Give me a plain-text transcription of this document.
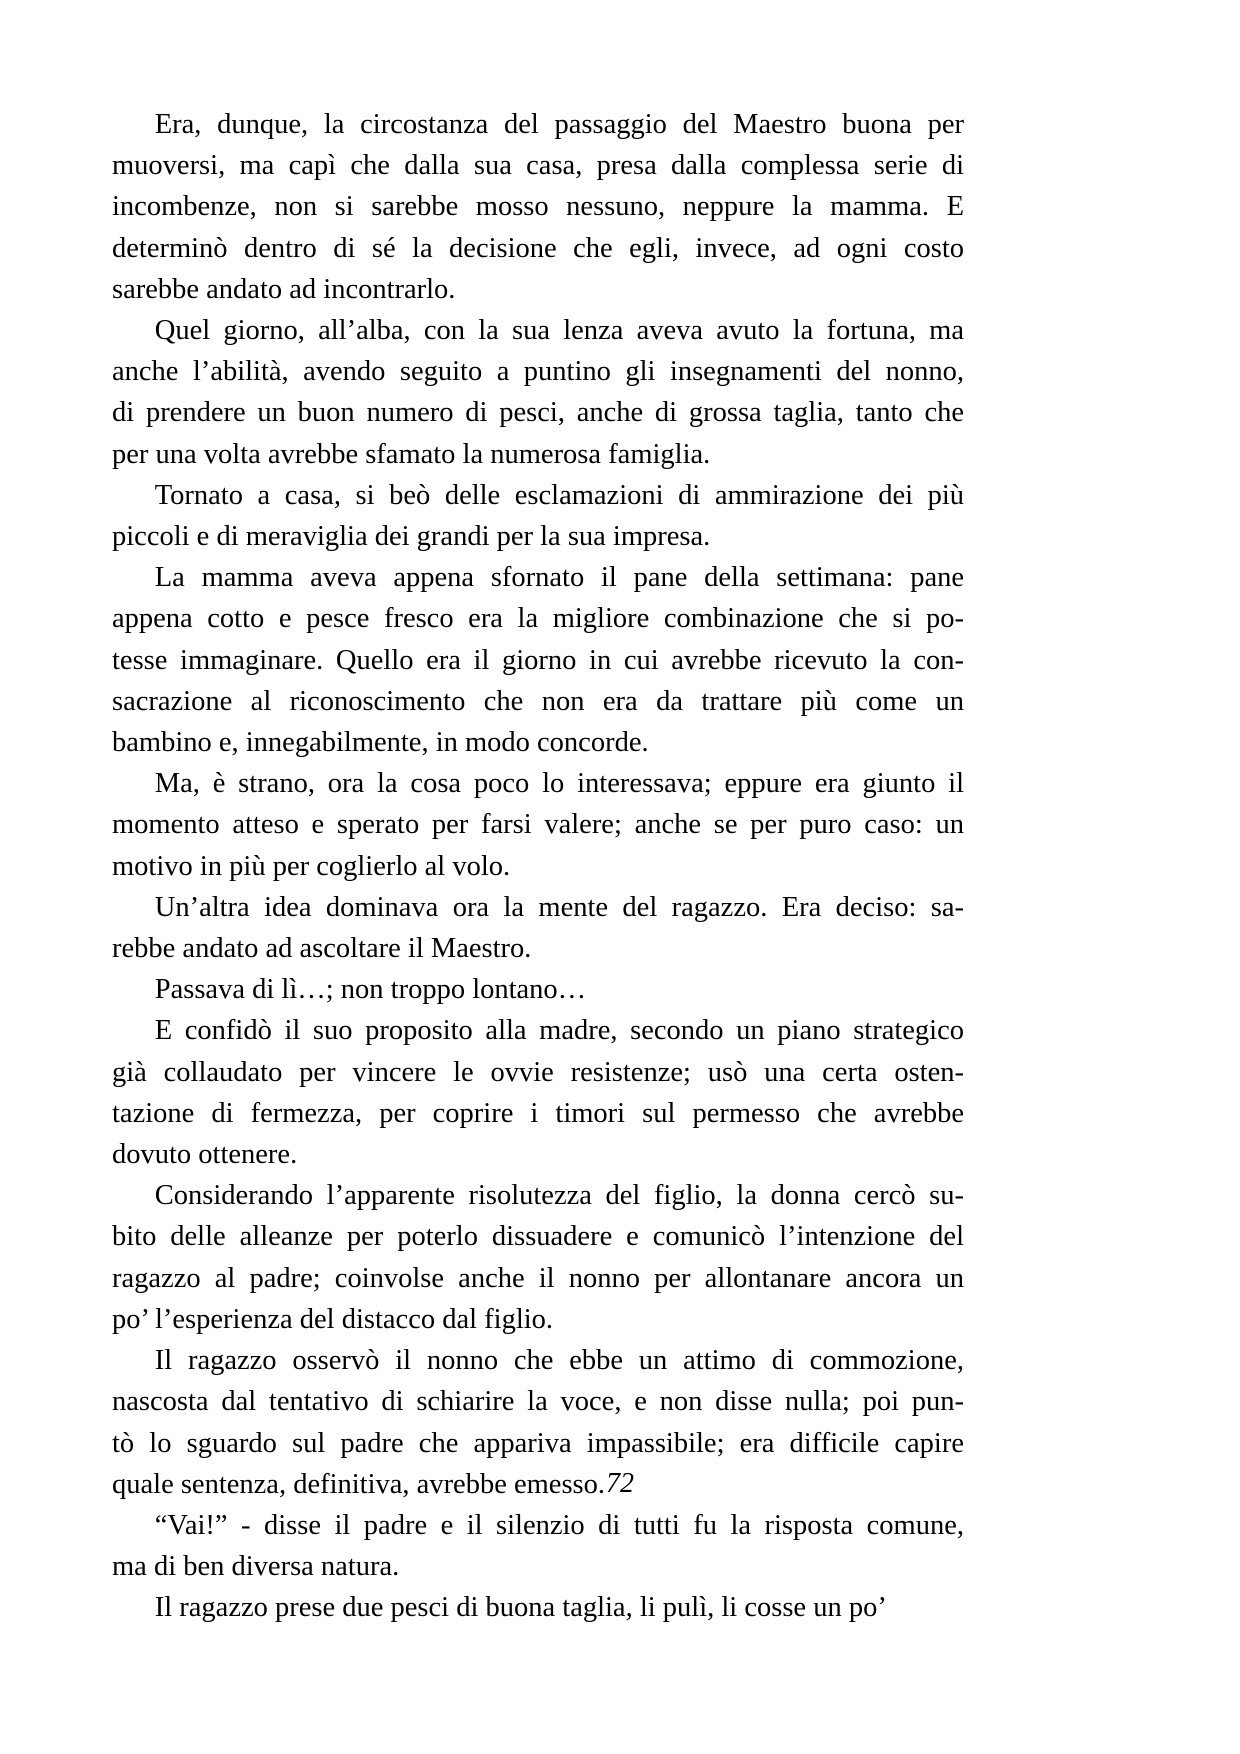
  Era, dunque, la circostanza del passaggio del Maestro buona per
muoversi, ma capì che dalla sua casa, presa dalla complessa serie di
incombenze, non si sarebbe mosso nessuno, neppure la mamma. E
determinò dentro di sé la decisione che egli, invece, ad ogni costo
sarebbe andato ad incontrarlo.

  Quel giorno, all’alba, con la sua lenza aveva avuto la fortuna, ma
anche l’abilità, avendo seguito a puntino gli insegnamenti del nonno,
di prendere un buon numero di pesci, anche di grossa taglia, tanto che
per una volta avrebbe sfamato la numerosa famiglia.

  Tornato a casa, si beò delle esclamazioni di ammirazione dei più
piccoli e di meraviglia dei grandi per la sua impresa.

  La mamma aveva appena sfornato il pane della settimana: pane
appena cotto e pesce fresco era la migliore combinazione che si po-
tesse immaginare. Quello era il giorno in cui avrebbe ricevuto la con-
sacrazione al riconoscimento che non era da trattare più come un
bambino e, innegabilmente, in modo concorde.

  Ma, è strano, ora la cosa poco lo interessava; eppure era giunto il
momento atteso e sperato per farsi valere; anche se per puro caso: un
motivo in più per coglierlo al volo.

  Un’altra idea dominava ora la mente del ragazzo. Era deciso: sa-
rebbe andato ad ascoltare il Maestro.

  Passava di lì…; non troppo lontano…

  E confidò il suo proposito alla madre, secondo un piano strategico
già collaudato per vincere le ovvie resistenze; usò una certa osten-
tazione di fermezza, per coprire i timori sul permesso che avrebbe
dovuto ottenere.

  Considerando l’apparente risolutezza del figlio, la donna cercò su-
bito delle alleanze per poterlo dissuadere e comunicò l’intenzione del
ragazzo al padre; coinvolse anche il nonno per allontanare ancora un
po’ l’esperienza del distacco dal figlio.

  Il ragazzo osservò il nonno che ebbe un attimo di commozione,
nascosta dal tentativo di schiarire la voce, e non disse nulla; poi pun-
tò lo sguardo sul padre che appariva impassibile; era difficile capire
quale sentenza, definitiva, avrebbe emesso.

  “Vai!” - disse il padre e il silenzio di tutti fu la risposta comune,
ma di ben diversa natura.

  Il ragazzo prese due pesci di buona taglia, li pulì, li cosse un po’

72
